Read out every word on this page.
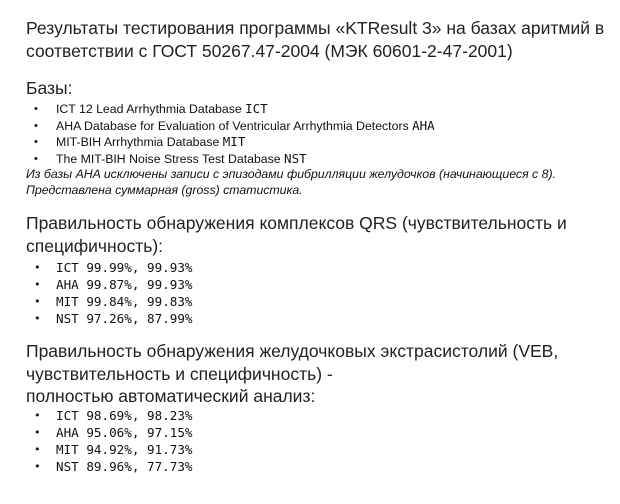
Результаты тестирования программы «KTResult 3» на базах аритмий в соответствии с ГОСТ 50267.47-2004 (МЭК 60601-2-47-2001)
Базы:
• ICT 12 Lead Arrhythmia Database ICT
• AHA Database for Evaluation of Ventricular Arrhythmia Detectors AHA
• MIT-BIH Arrhythmia Database MIT
• The MIT-BIH Noise Stress Test Database NST
Из базы AHA исключены записи с эпизодами фибрилляции желудочков (начинающиеся с 8). Представлена суммарная (gross) статистика.
Правильность обнаружения комплексов QRS (чувствительность и специфичность):
• ICT 99.99%, 99.93%
• AHA 99.87%, 99.93%
• MIT 99.84%, 99.83%
• NST 97.26%, 87.99%
Правильность обнаружения желудочковых экстрасистолий (VEB,
чувствительность и специфичность) -
полностью автоматический анализ:
• ICT 98.69%, 98.23%
• AHA 95.06%, 97.15%
• MIT 94.92%, 91.73%
• NST 89.96%, 77.73%
